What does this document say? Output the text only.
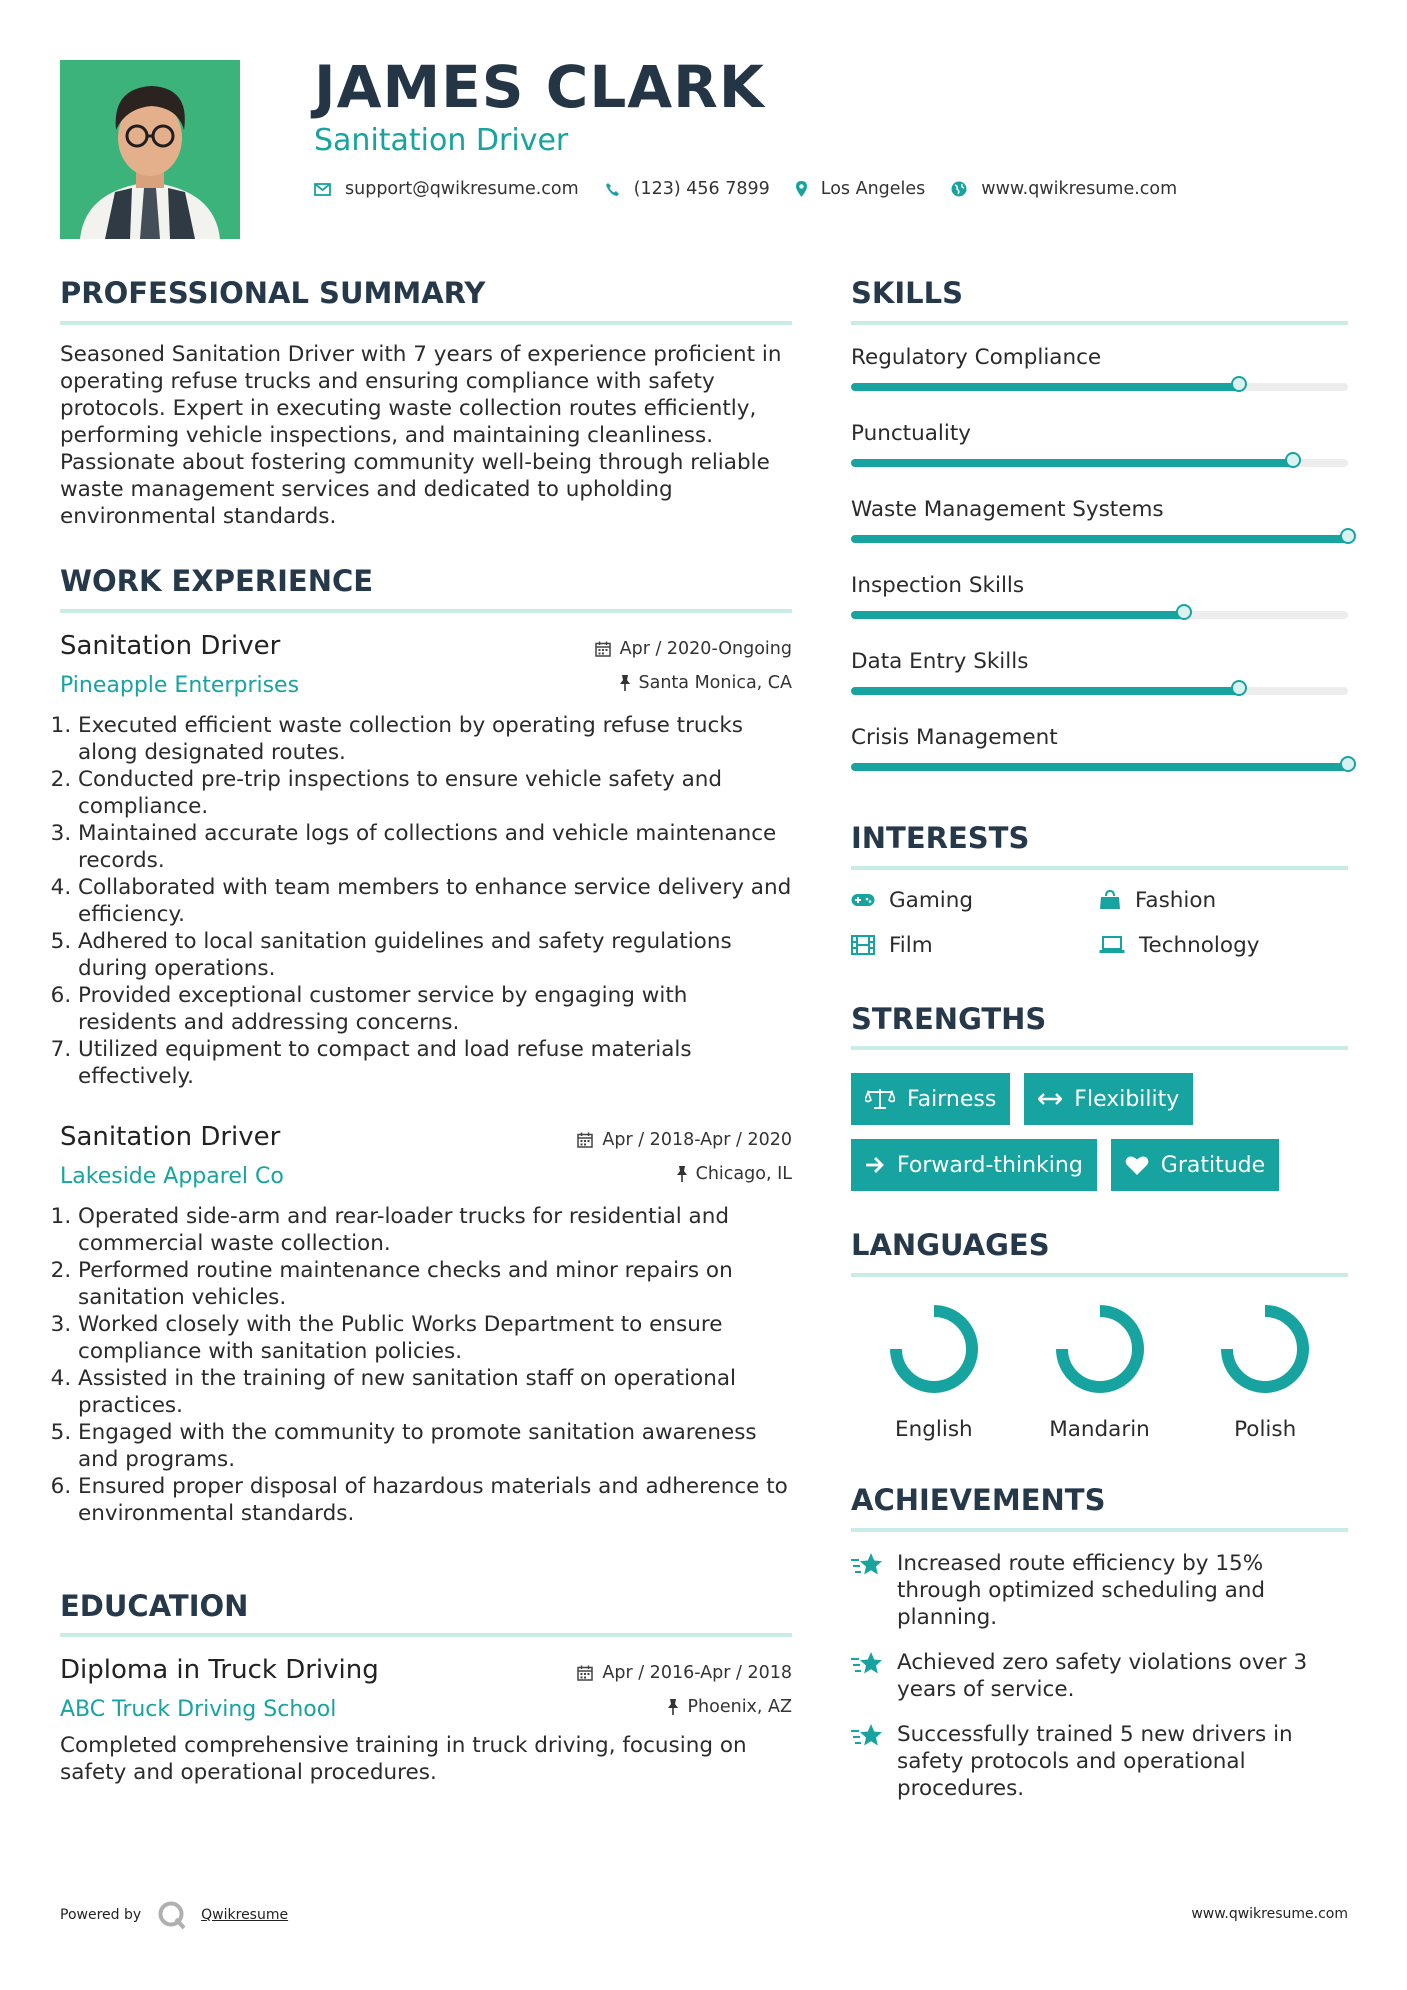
JAMES CLARK
Sanitation Driver
support@qwikresume.com	(123) 456 7899	Los Angeles	www.qwikresume.com
PROFESSIONAL SUMMARY
Seasoned Sanitation Driver with 7 years of experience proficient in operating refuse trucks and ensuring compliance with safety protocols. Expert in executing waste collection routes efficiently, performing vehicle inspections, and maintaining cleanliness. Passionate about fostering community well-being through reliable waste management services and dedicated to upholding environmental standards.
WORK EXPERIENCE
Sanitation Driver
Pineapple Enterprises
Apr / 2020-Ongoing
Santa Monica, CA
1. Executed efficient waste collection by operating refuse trucks along designated routes.
2. Conducted pre-trip inspections to ensure vehicle safety and compliance.
3. Maintained accurate logs of collections and vehicle maintenance records.
4. Collaborated with team members to enhance service delivery and efficiency.
5. Adhered to local sanitation guidelines and safety regulations during operations.
6. Provided exceptional customer service by engaging with residents and addressing concerns.
7. Utilized equipment to compact and load refuse materials effectively.
Sanitation Driver
Lakeside Apparel Co
Apr / 2018-Apr / 2020
Chicago, IL
1. Operated side-arm and rear-loader trucks for residential and commercial waste collection.
2. Performed routine maintenance checks and minor repairs on sanitation vehicles.
3. Worked closely with the Public Works Department to ensure compliance with sanitation policies.
4. Assisted in the training of new sanitation staff on operational practices.
5. Engaged with the community to promote sanitation awareness and programs.
6. Ensured proper disposal of hazardous materials and adherence to environmental standards.
EDUCATION
Diploma in Truck Driving
ABC Truck Driving School
Apr / 2016-Apr / 2018
Phoenix, AZ
Completed comprehensive training in truck driving, focusing on safety and operational procedures.
SKILLS
Regulatory Compliance
Punctuality
Waste Management Systems
Inspection Skills
Data Entry Skills
Crisis Management
INTERESTS
Gaming	Fashion
Film	Technology
STRENGTHS
Fairness	Flexibility
Forward-thinking	Gratitude
LANGUAGES
English	Mandarin	Polish
ACHIEVEMENTS
Increased route efficiency by 15% through optimized scheduling and planning.
Achieved zero safety violations over 3 years of service.
Successfully trained 5 new drivers in safety protocols and operational procedures.
Powered by	Qwikresume	www.qwikresume.com
